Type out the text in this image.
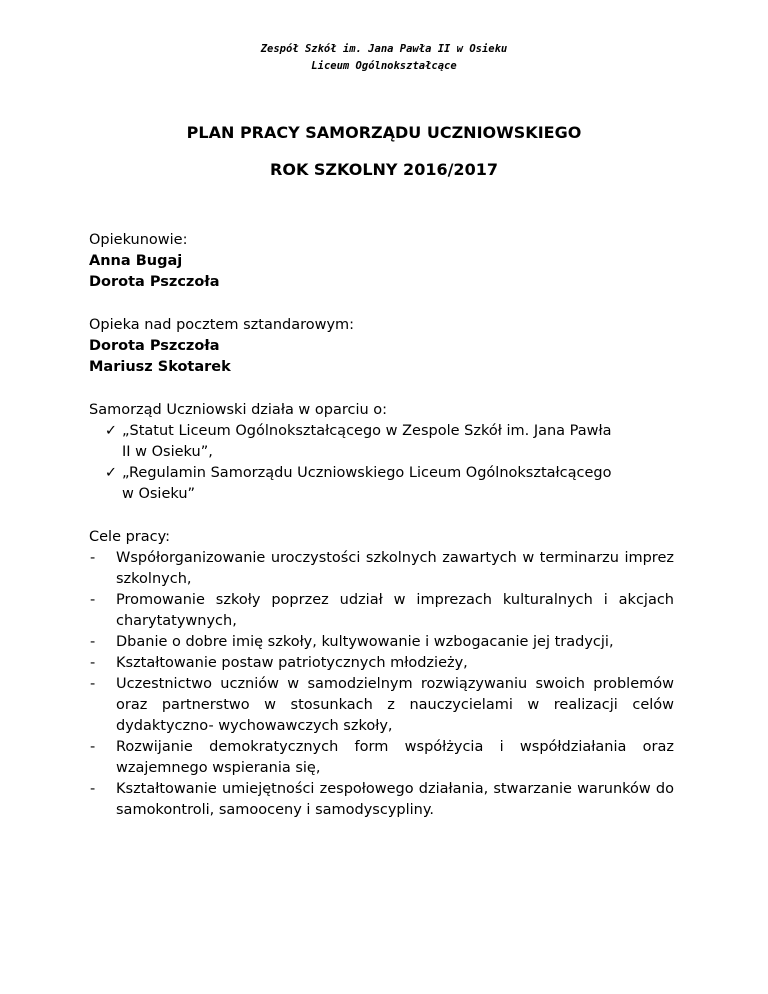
Zespół Szkół im. Jana Pawła II w Osieku
Liceum Ogólnokształcące
PLAN PRACY SAMORZĄDU UCZNIOWSKIEGO
ROK SZKOLNY 2016/2017
Opiekunowie:
Anna Bugaj
Dorota Pszczoła
Opieka nad pocztem sztandarowym:
Dorota Pszczoła
Mariusz Skotarek
Samorząd Uczniowski działa w oparciu o:
✓ „Statut Liceum Ogólnokształcącego w Zespole Szkół im. Jana Pawła
II w Osieku”,
✓ „Regulamin Samorządu Uczniowskiego Liceum Ogólnokształcącego
w Osieku”
Cele pracy:
-	Współorganizowanie uroczystości szkolnych zawartych w terminarzu imprez szkolnych,
-	Promowanie szkoły poprzez udział w imprezach kulturalnych i akcjach charytatywnych,
-	Dbanie o dobre imię szkoły, kultywowanie i wzbogacanie jej tradycji,
-	Kształtowanie postaw patriotycznych młodzieży,
-	Uczestnictwo uczniów w samodzielnym rozwiązywaniu swoich problemów oraz partnerstwo w stosunkach z nauczycielami w realizacji celów dydaktyczno- wychowawczych szkoły,
-	Rozwijanie demokratycznych form współżycia i współdziałania oraz wzajemnego wspierania się,
-	Kształtowanie umiejętności zespołowego działania, stwarzanie warunków do samokontroli, samooceny i samodyscypliny.
